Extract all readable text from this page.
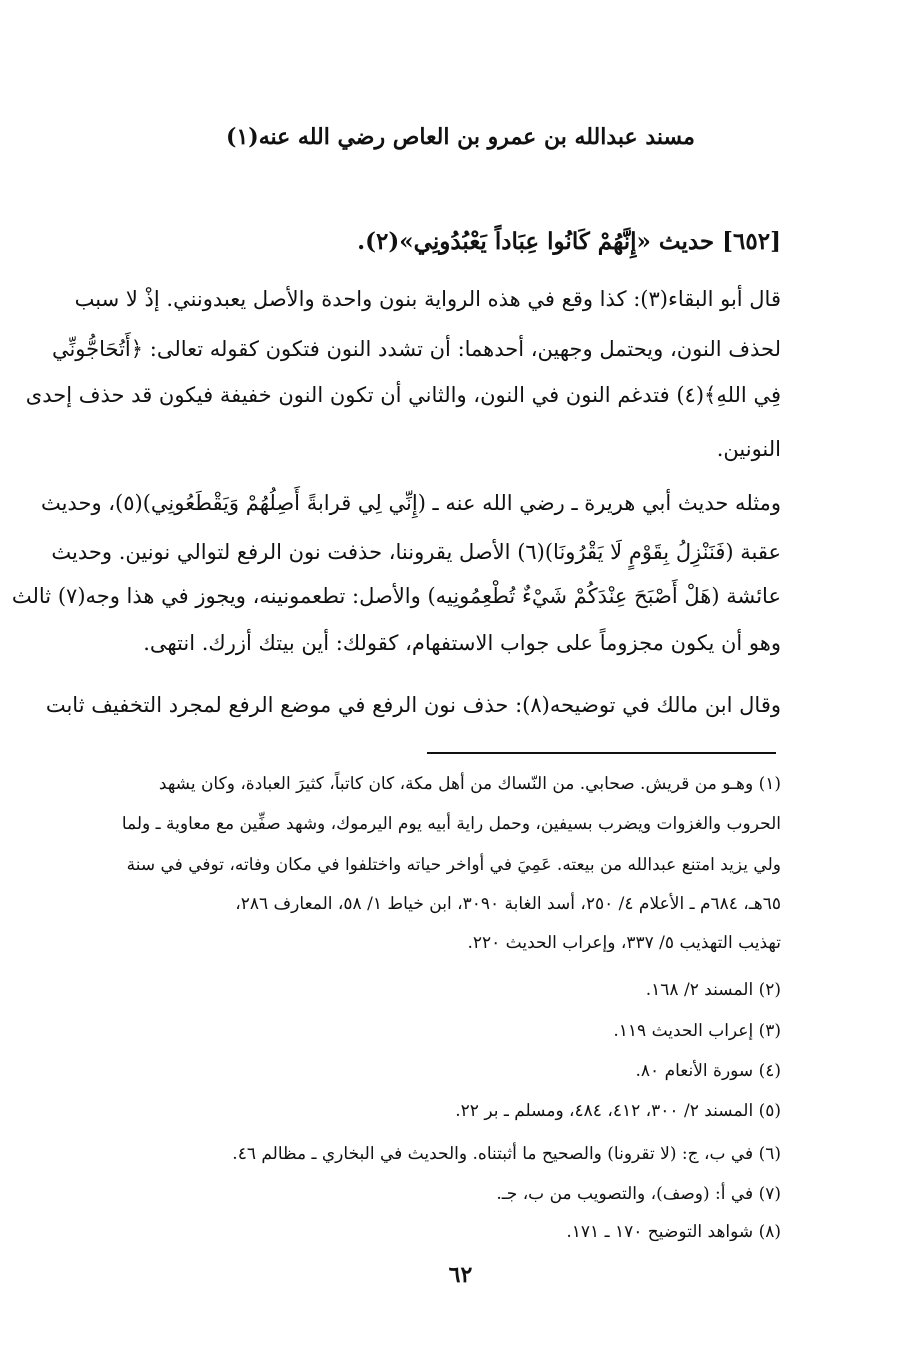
مسند عبدالله بن عمرو بن العاص رضي الله عنه(١)
[٦٥٢] حديث «إِنَّهُمْ كَانُوا عِبَاداً يَعْبُدُونِي»(٢).
قال أبو البقاء(٣): كذا وقع في هذه الرواية بنون واحدة والأصل يعبدونني. إذْ لا سبب
لحذف النون، ويحتمل وجهين، أحدهما: أن تشدد النون فتكون كقوله تعالى: ﴿أَتُحَاجُّونِّي
فِي اللهِ﴾(٤) فتدغم النون في النون، والثاني أن تكون النون خفيفة فيكون قد حذف إحدى
النونين.
ومثله حديث أبي هريرة ـ رضي الله عنه ـ (إِنِّي لِي قرابةً أَصِلُهُمْ وَيَقْطَعُونِي)(٥)، وحديث
عقبة (فَنَنْزِلُ بِقَوْمٍ لَا يَقْرُونَا)(٦) الأصل يقروننا، حذفت نون الرفع لتوالي نونين. وحديث
عائشة (هَلْ أَصْبَحَ عِنْدَكُمْ شَيْءٌ تُطْعِمُونِيه) والأصل: تطعمونينه، ويجوز في هذا وجه(٧) ثالث
وهو أن يكون مجزوماً على جواب الاستفهام، كقولك: أين بيتك أزرك. انتهى.
وقال ابن مالك في توضيحه(٨): حذف نون الرفع في موضع الرفع لمجرد التخفيف ثابت
(١) وهـو من قريش. صحابي. من النّساك من أهل مكة، كان كاتباً، كثيرَ العبادة، وكان يشهد
الحروب والغزوات ويضرب بسيفين، وحمل راية أبيه يوم اليرموك، وشهد صفِّين مع معاوية ـ ولما
ولي يزيد امتنع عبدالله من بيعته. عَمِيَ في أواخر حياته واختلفوا في مكان وفاته، توفي في سنة
٦٥هـ، ٦٨٤م ـ الأعلام ٤/ ٢٥٠، أسد الغابة ٣٠٩٠، ابن خياط ١/ ٥٨، المعارف ٢٨٦،
تهذيب التهذيب ٥/ ٣٣٧، وإعراب الحديث ٢٢٠.
(٢) المسند ٢/ ١٦٨.
(٣) إعراب الحديث ١١٩.
(٤) سورة الأنعام ٨٠.
(٥) المسند ٢/ ٣٠٠، ٤١٢، ٤٨٤، ومسلم ـ بر ٢٢.
(٦) في ب، ج: (لا تقرونا) والصحيح ما أثبتناه. والحديث في البخاري ـ مظالم ٤٦.
(٧) في أ: (وصف)، والتصويب من ب، جـ.
(٨) شواهد التوضيح ١٧٠ ـ ١٧١.
٦٢
